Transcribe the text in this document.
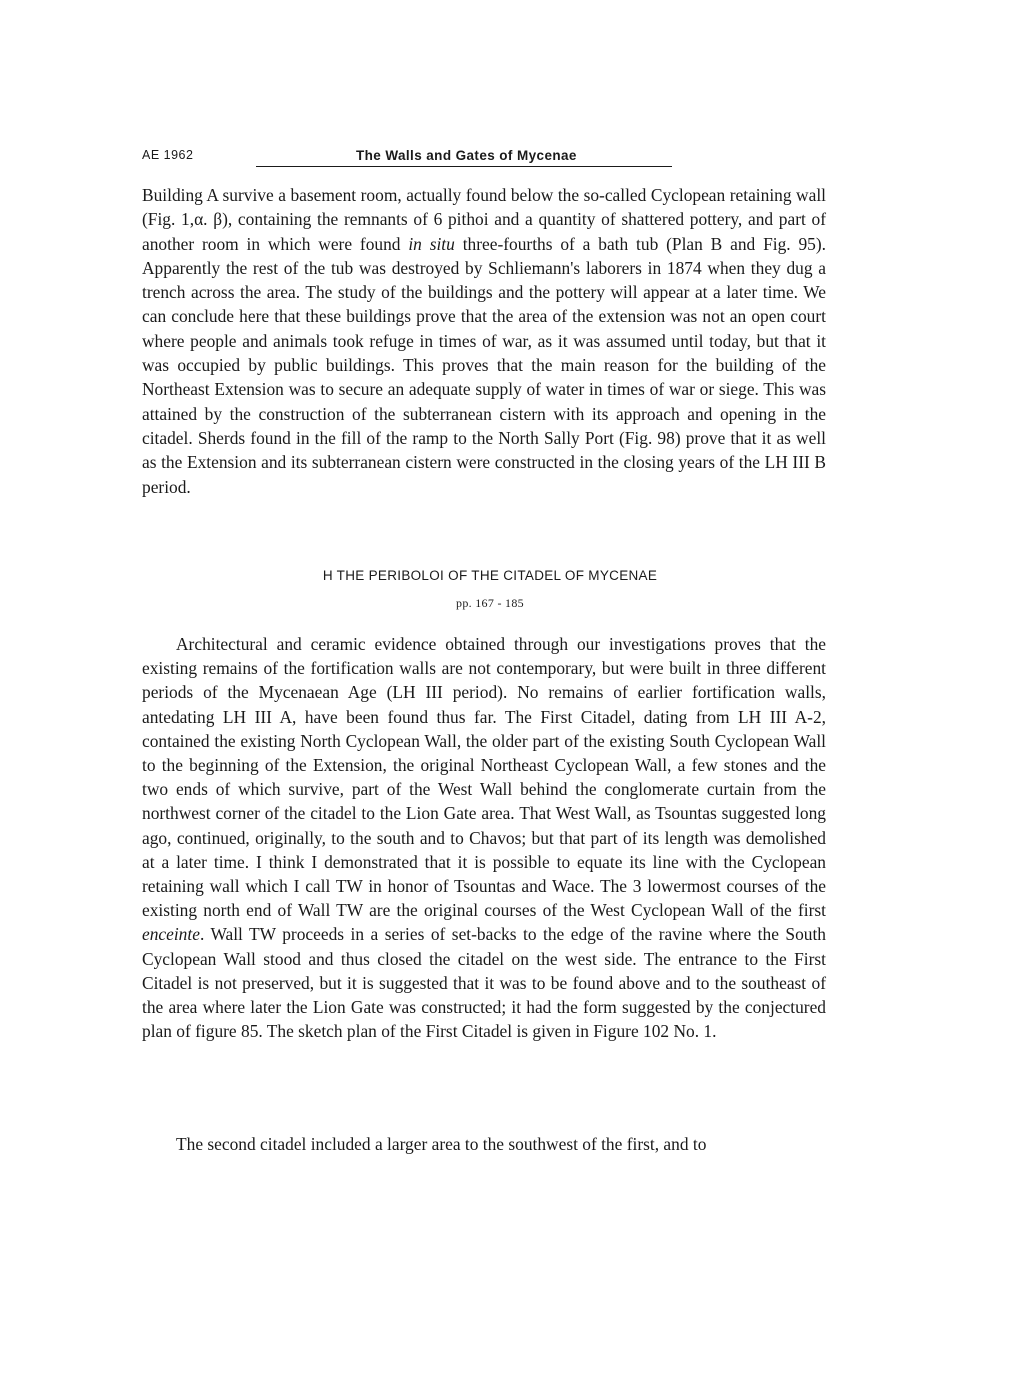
ΑΕ 1962	The Walls and Gates of Mycenae

Building A survive a basement room, actually found below the so-called Cyclopean retaining wall (Fig. 1,α. β), containing the remnants of 6 pithoi and a quantity of shattered pottery, and part of another room in which were found in situ three-fourths of a bath tub (Plan B and Fig. 95). Apparently the rest of the tub was destroyed by Schliemann's laborers in 1874 when they dug a trench across the area. The study of the buildings and the pottery will appear at a later time. We can conclude here that these buildings prove that the area of the extension was not an open court where people and animals took refuge in times of war, as it was assumed until today, but that it was occupied by public buildings. This proves that the main reason for the building of the Northeast Extension was to secure an adequate supply of water in times of war or siege. This was attained by the construction of the subterranean cistern with its approach and opening in the citadel. Sherds found in the fill of the ramp to the North Sally Port (Fig. 98) prove that it as well as the Extension and its subterranean cistern were constructed in the closing years of the LH III B period.

Η ΤΗΕ PERIBOLOI OF THE CITADEL OF MYCENAE
pp. 167 - 185

Architectural and ceramic evidence obtained through our investigations proves that the existing remains of the fortification walls are not contemporary, but were built in three different periods of the Mycenaean Age (LH III period). No remains of earlier fortification walls, antedating LH III A, have been found thus far. The First Citadel, dating from LH III A-2, contained the existing North Cyclopean Wall, the older part of the existing South Cyclopean Wall to the beginning of the Extension, the original Northeast Cyclopean Wall, a few stones and the two ends of which survive, part of the West Wall behind the conglomerate curtain from the northwest corner of the citadel to the Lion Gate area. That West Wall, as Tsountas suggested long ago, continued, originally, to the south and to Chavos; but that part of its length was demolished at a later time. I think I demonstrated that it is possible to equate its line with the Cyclopean retaining wall which I call TW in honor of Tsountas and Wace. The 3 lowermost courses of the existing north end of Wall TW are the original courses of the West Cyclopean Wall of the first enceinte. Wall TW proceeds in a series of set-backs to the edge of the ravine where the South Cyclopean Wall stood and thus closed the citadel on the west side. The entrance to the First Citadel is not preserved, but it is suggested that it was to be found above and to the southeast of the area where later the Lion Gate was constructed; it had the form suggested by the conjectured plan of figure 85. The sketch plan of the First Citadel is given in Figure 102 No. 1.

The second citadel included a larger area to the southwest of the first, and to
